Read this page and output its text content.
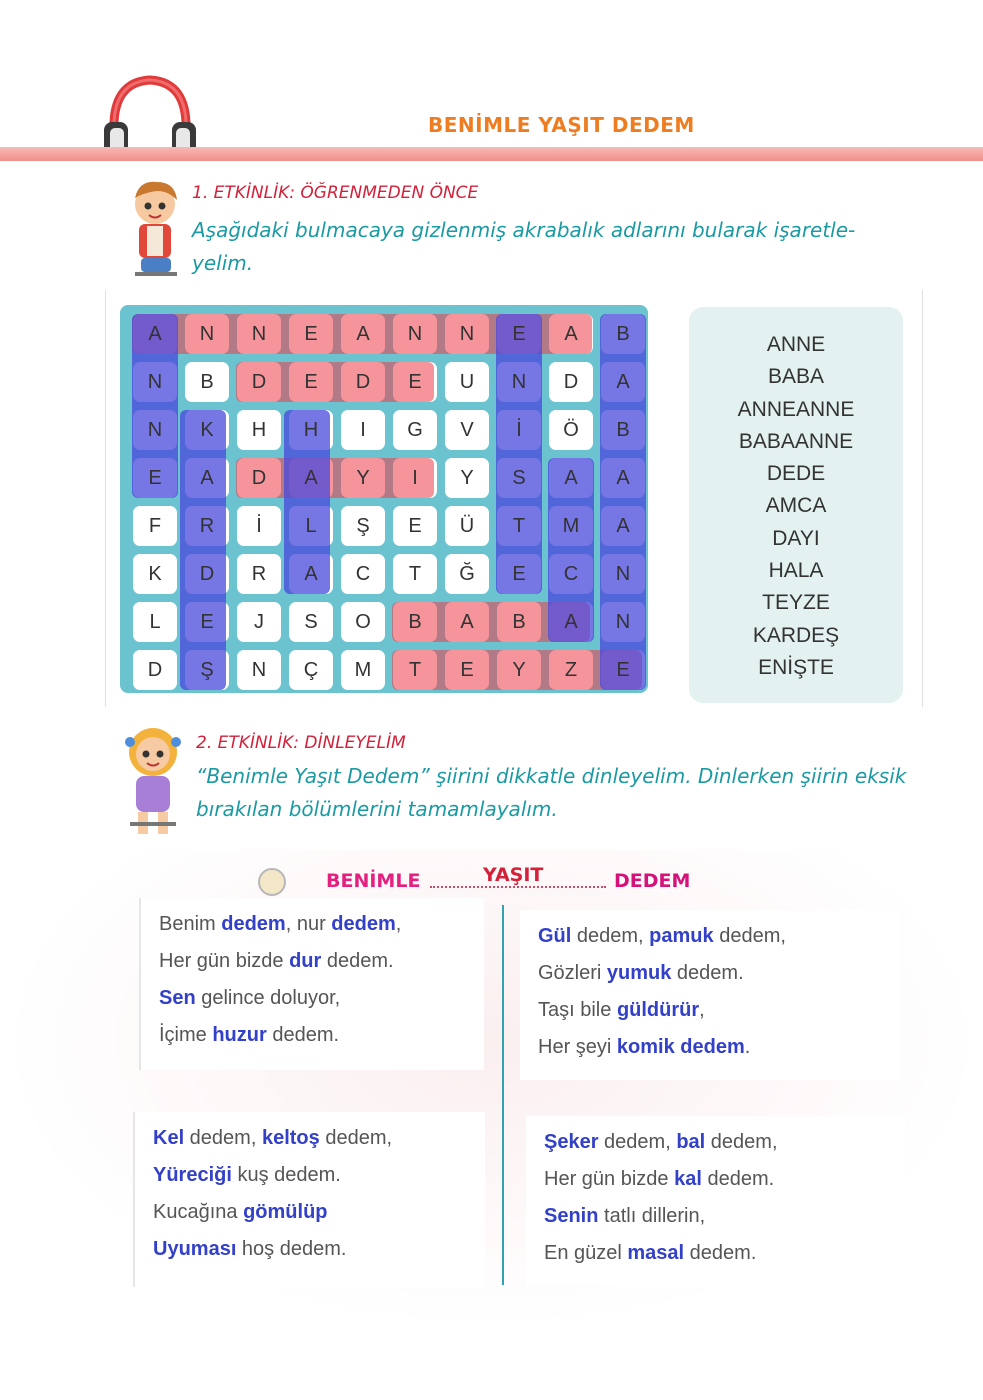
BENİMLE YAŞIT DEDEM
1. ETKİNLİK: ÖĞRENMEDEN ÖNCE
Aşağıdaki bulmacaya gizlenmiş akrabalık adlarını bularak işaretle-
yelim.
A	N	N	E	A	N	N	E	A	B
N	B	D	E	D	E	U	N	D	A
N	K	H	H	I	G	V	İ	Ö	B
E	A	D	A	Y	I	Y	S	A	A
F	R	İ	L	Ş	E	Ü	T	M	A
K	D	R	A	C	T	Ğ	E	C	N
L	E	J	S	O	B	A	B	A	N
D	Ş	N	Ç	M	T	E	Y	Z	E
ANNE
BABA
ANNEANNE
BABAANNE
DEDE
AMCA
DAYI
HALA
TEYZE
KARDEŞ
ENİŞTE
2. ETKİNLİK: DİNLEYELİM
“Benimle Yaşıt Dedem” şiirini dikkatle dinleyelim. Dinlerken şiirin eksik
bırakılan bölümlerini tamamlayalım.
BENİMLE	YAŞIT	DEDEM
Benim dedem, nur dedem,
Her gün bizde dur dedem.
Sen gelince doluyor,
İçime huzur dedem.
Gül dedem, pamuk dedem,
Gözleri yumuk dedem.
Taşı bile güldürür,
Her şeyi komik dedem.
Kel dedem, keltoş dedem,
Yüreciği kuş dedem.
Kucağına gömülüp
Uyuması hoş dedem.
Şeker dedem, bal dedem,
Her gün bizde kal dedem.
Senin tatlı dillerin,
En güzel masal dedem.
